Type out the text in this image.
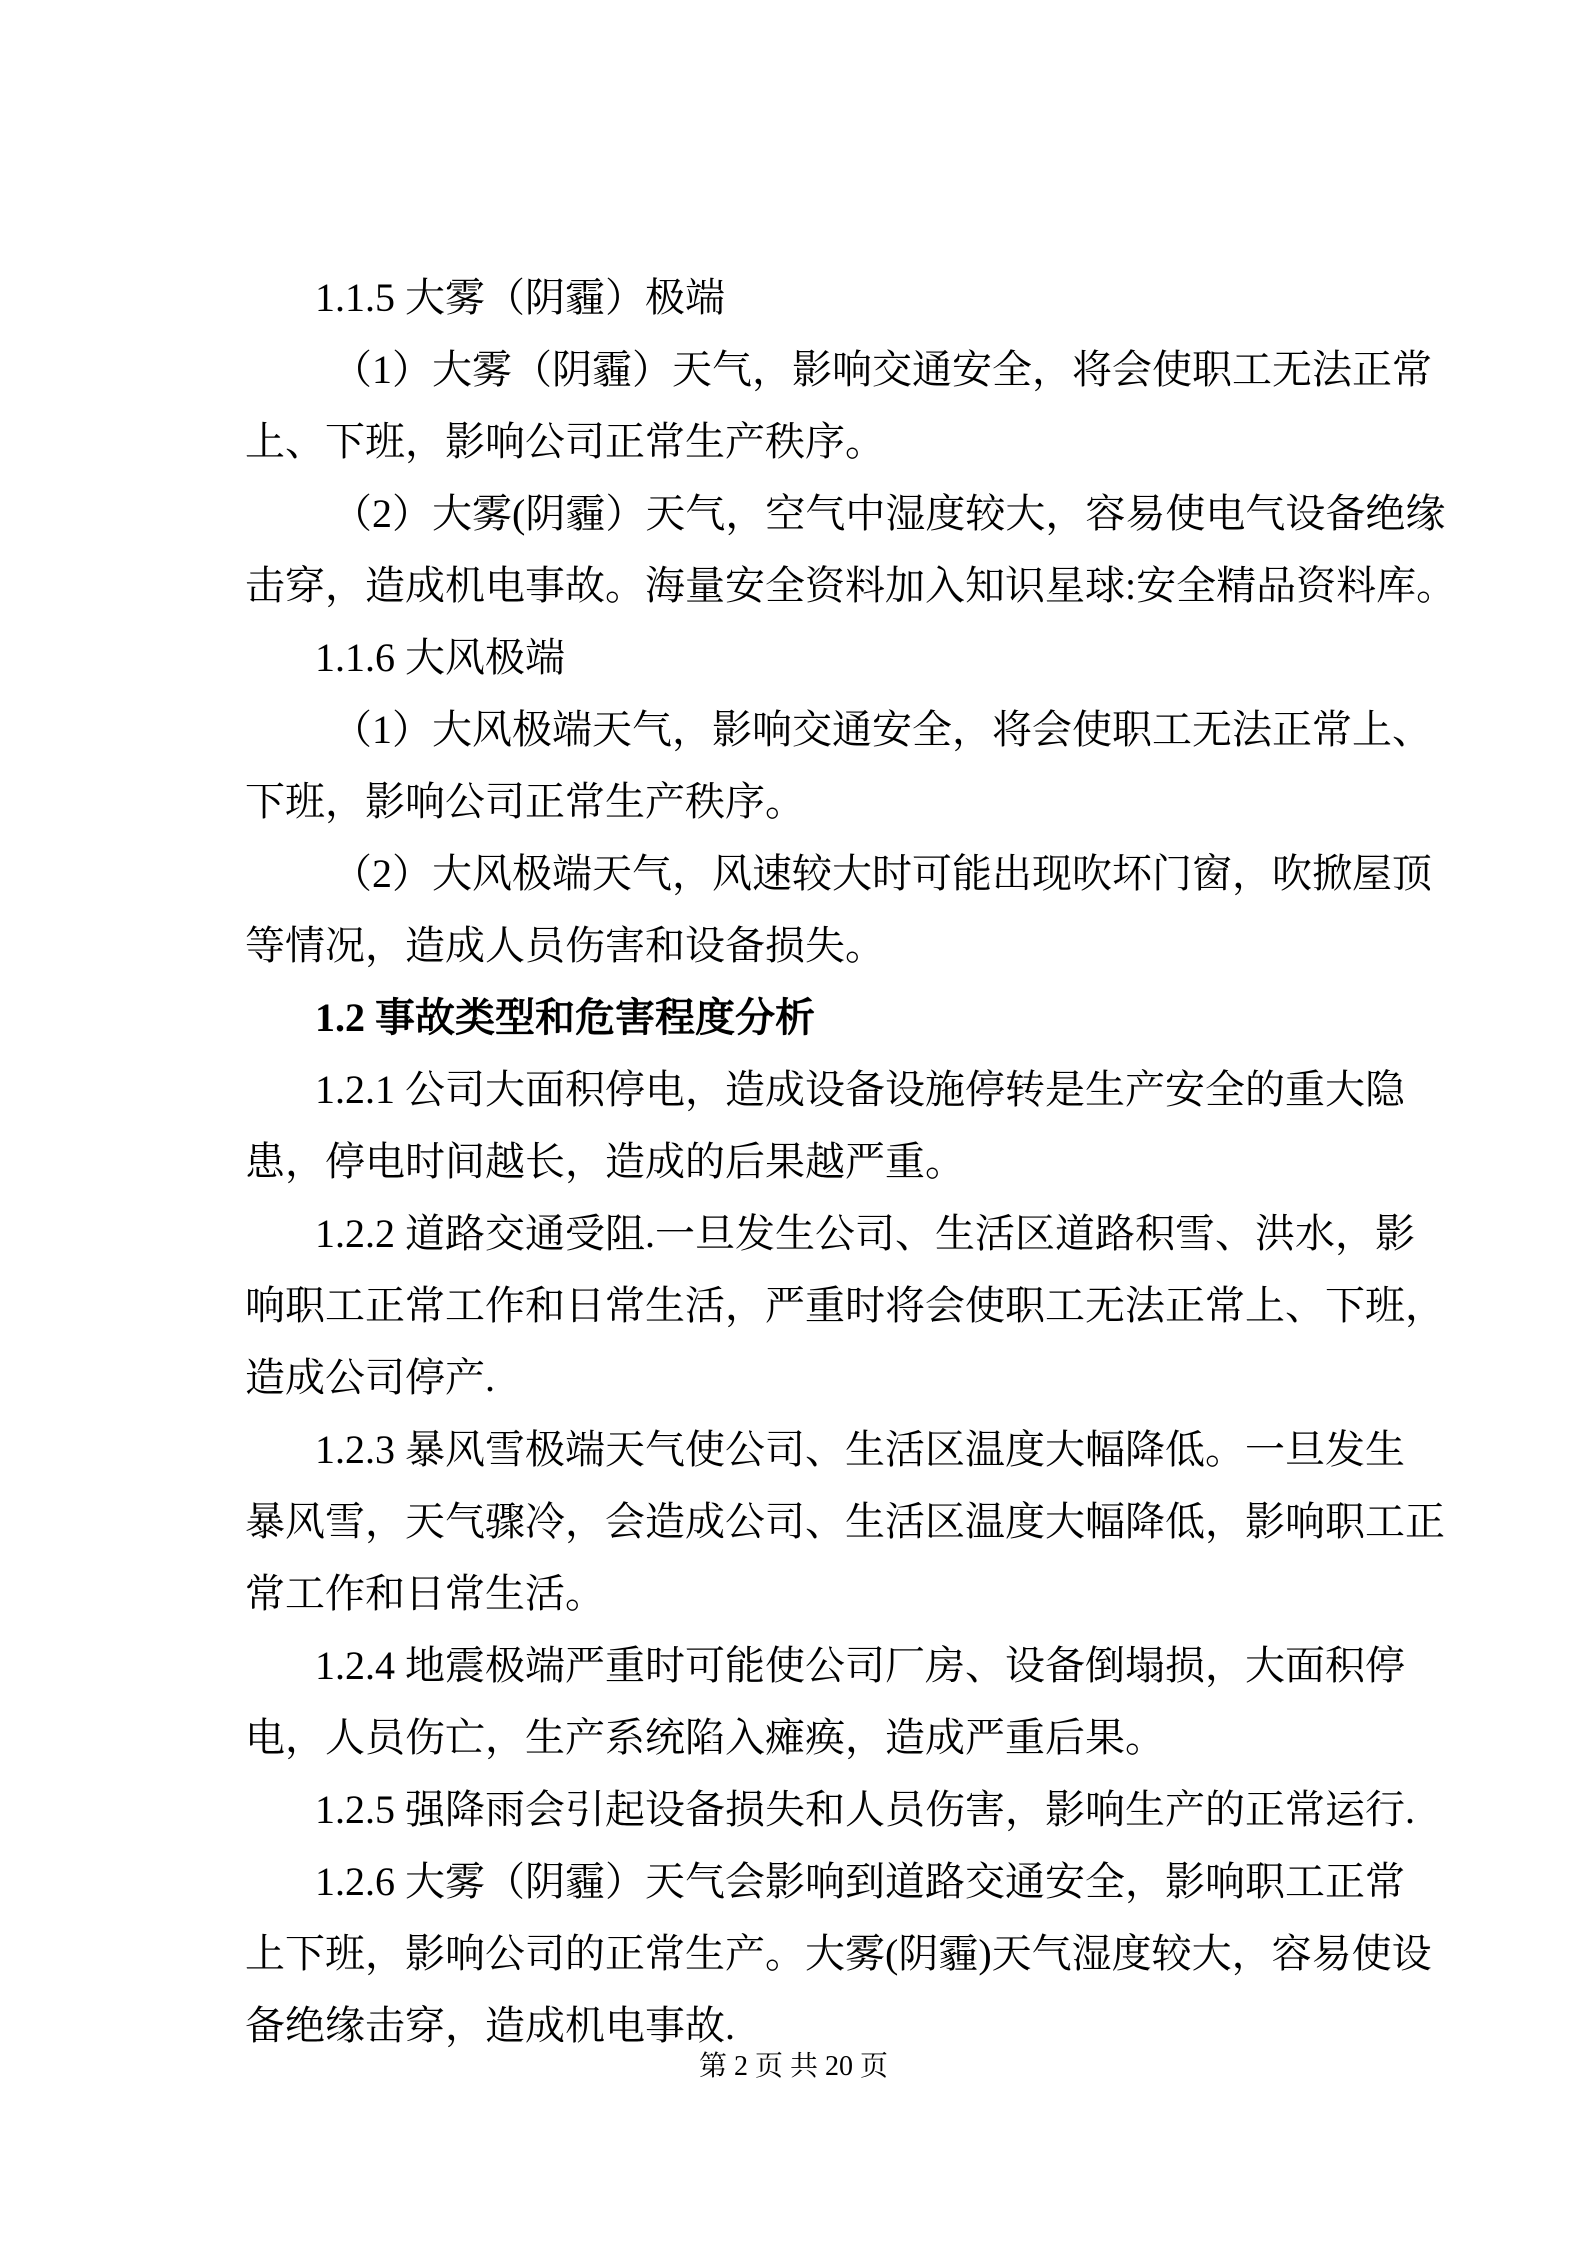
1.1.5 大雾（阴霾）极端
（1）大雾（阴霾）天气，影响交通安全，将会使职工无法正常
上、下班，影响公司正常生产秩序。
（2）大雾(阴霾）天气，空气中湿度较大，容易使电气设备绝缘
击穿，造成机电事故。海量安全资料加入知识星球:安全精品资料库。
1.1.6 大风极端
（1）大风极端天气，影响交通安全，将会使职工无法正常上、
下班，影响公司正常生产秩序。
（2）大风极端天气，风速较大时可能出现吹坏门窗，吹掀屋顶
等情况，造成人员伤害和设备损失。
1.2 事故类型和危害程度分析
1.2.1 公司大面积停电，造成设备设施停转是生产安全的重大隐
患，停电时间越长，造成的后果越严重。
1.2.2 道路交通受阻.一旦发生公司、生活区道路积雪、洪水，影
响职工正常工作和日常生活，严重时将会使职工无法正常上、下班，
造成公司停产.
1.2.3 暴风雪极端天气使公司、生活区温度大幅降低。一旦发生
暴风雪，天气骤冷，会造成公司、生活区温度大幅降低，影响职工正
常工作和日常生活。
1.2.4 地震极端严重时可能使公司厂房、设备倒塌损，大面积停
电，人员伤亡，生产系统陷入瘫痪，造成严重后果。
1.2.5 强降雨会引起设备损失和人员伤害，影响生产的正常运行.
1.2.6 大雾（阴霾）天气会影响到道路交通安全，影响职工正常
上下班，影响公司的正常生产。大雾(阴霾)天气湿度较大，容易使设
备绝缘击穿，造成机电事故.
第 2 页 共 20 页
